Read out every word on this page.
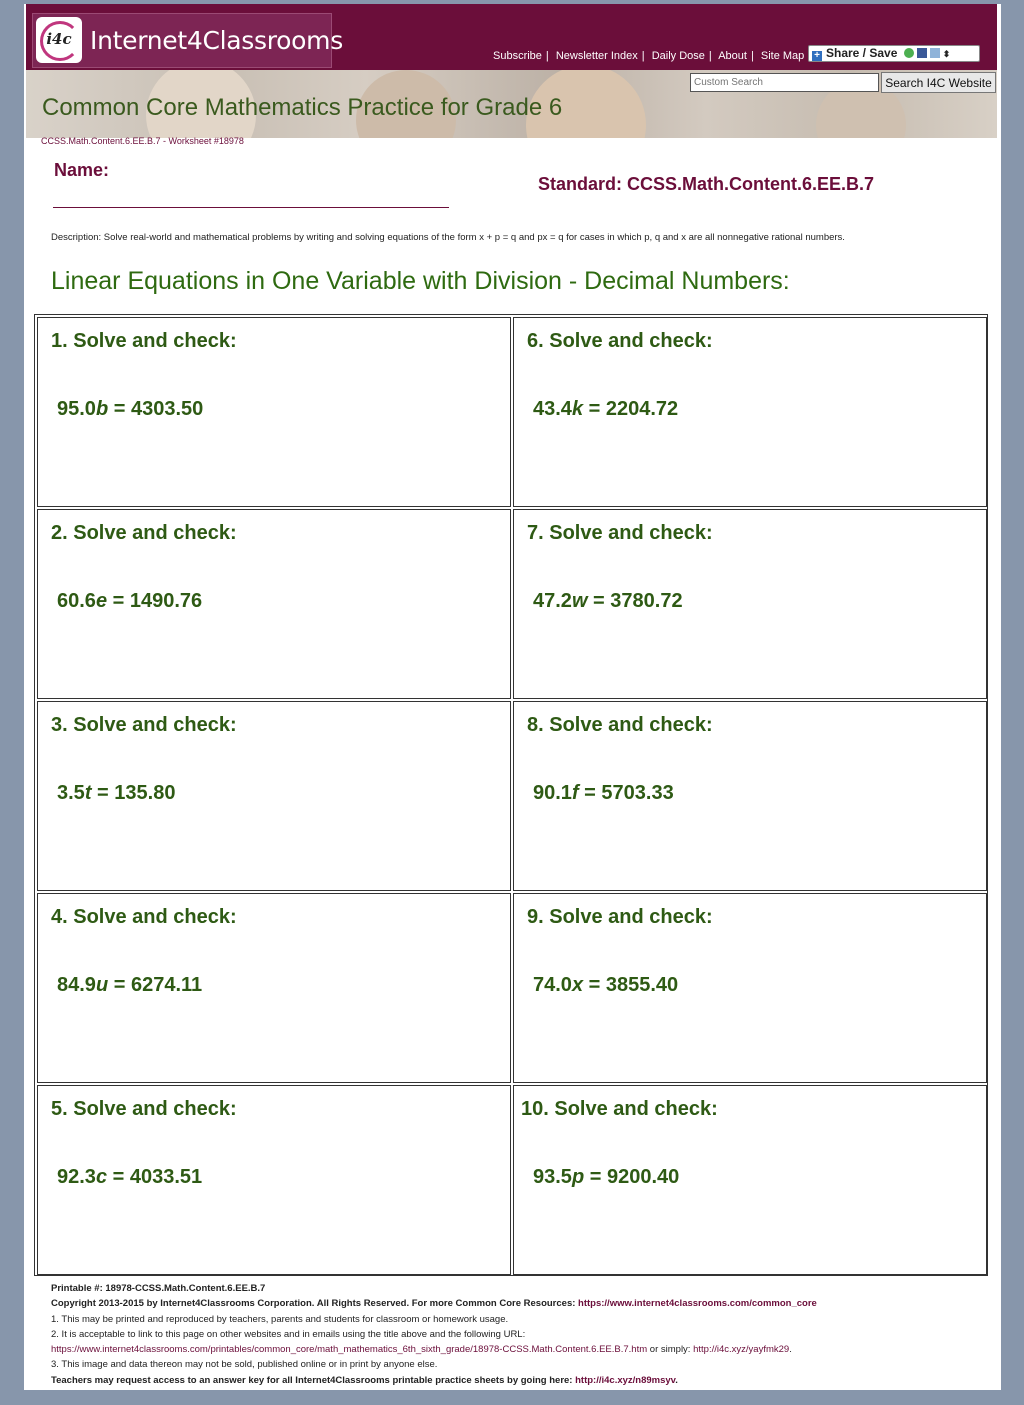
i4c Internet4Classrooms
Subscribe | Newsletter Index | Daily Dose | About | Site Map + Share / Save	⬍
Common Core Mathematics Practice for Grade 6
Custom Search
Search I4C Website
CCSS.Math.Content.6.EE.B.7 - Worksheet #18978
Name:
Standard: CCSS.Math.Content.6.EE.B.7
Description: Solve real-world and mathematical problems by writing and solving equations of the form x + p = q and px = q for cases in which p, q and x are all nonnegative rational numbers.
Linear Equations in One Variable with Division - Decimal Numbers:
1. Solve and check:
95.0b = 4303.50
2. Solve and check:
60.6e = 1490.76
3. Solve and check:
3.5t = 135.80
4. Solve and check:
84.9u = 6274.11
5. Solve and check:
92.3c = 4033.51
6. Solve and check:
43.4k = 2204.72
7. Solve and check:
47.2w = 3780.72
8. Solve and check:
90.1f = 5703.33
9. Solve and check:
74.0x = 3855.40
10. Solve and check:
93.5p = 9200.40
Printable #: 18978-CCSS.Math.Content.6.EE.B.7
Copyright 2013-2015 by Internet4Classrooms Corporation. All Rights Reserved. For more Common Core Resources: https://www.internet4classrooms.com/common_core
1. This may be printed and reproduced by teachers, parents and students for classroom or homework usage.
2. It is acceptable to link to this page on other websites and in emails using the title above and the following URL:
https://www.internet4classrooms.com/printables/common_core/math_mathematics_6th_sixth_grade/18978-CCSS.Math.Content.6.EE.B.7.htm or simply: http://i4c.xyz/yayfmk29.
3. This image and data thereon may not be sold, published online or in print by anyone else.
Teachers may request access to an answer key for all Internet4Classrooms printable practice sheets by going here: http://i4c.xyz/n89msyv.
